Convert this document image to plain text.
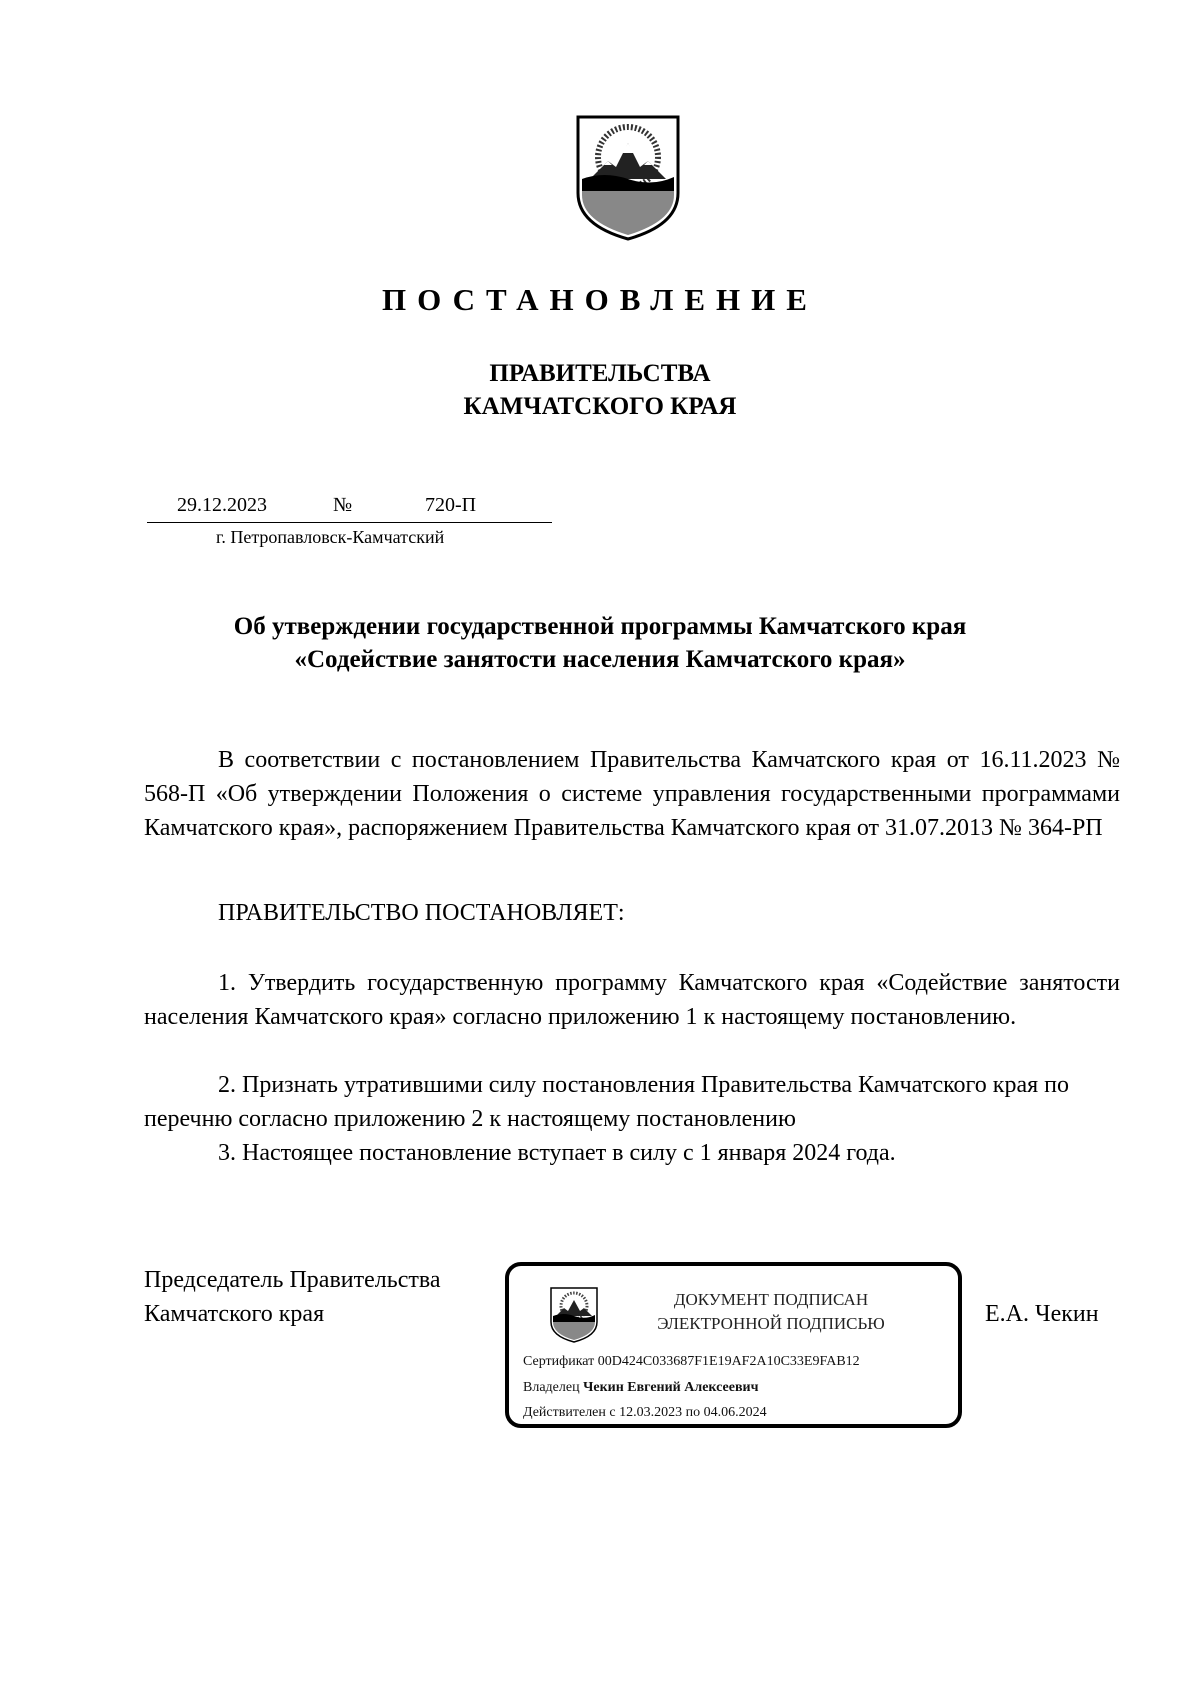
ПОСТАНОВЛЕНИЕ
ПРАВИТЕЛЬСТВА
КАМЧАТСКОГО КРАЯ
29.12.2023	№	720-П
г. Петропавловск-Камчатский
Об утверждении государственной программы Камчатского края
«Содействие занятости населения Камчатского края»
В соответствии с постановлением Правительства Камчатского края от 16.11.2023 № 568-П «Об утверждении Положения о системе управления государственными программами Камчатского края», распоряжением Правительства Камчатского края от 31.07.2013 № 364-РП
ПРАВИТЕЛЬСТВО ПОСТАНОВЛЯЕТ:
1. Утвердить государственную программу Камчатского края «Содействие занятости населения Камчатского края» согласно приложению 1 к настоящему постановлению.
2. Признать утратившими силу постановления Правительства Камчатского края по перечню согласно приложению 2 к настоящему постановлению
3. Настоящее постановление вступает в силу с 1 января 2024 года.
Председатель Правительства
Камчатского края
ДОКУМЕНТ ПОДПИСАН
ЭЛЕКТРОННОЙ ПОДПИСЬЮ
Сертификат 00D424C033687F1E19AF2A10C33E9FAB12
Владелец Чекин Евгений Алексеевич
Действителен с 12.03.2023 по 04.06.2024
Е.А. Чекин
